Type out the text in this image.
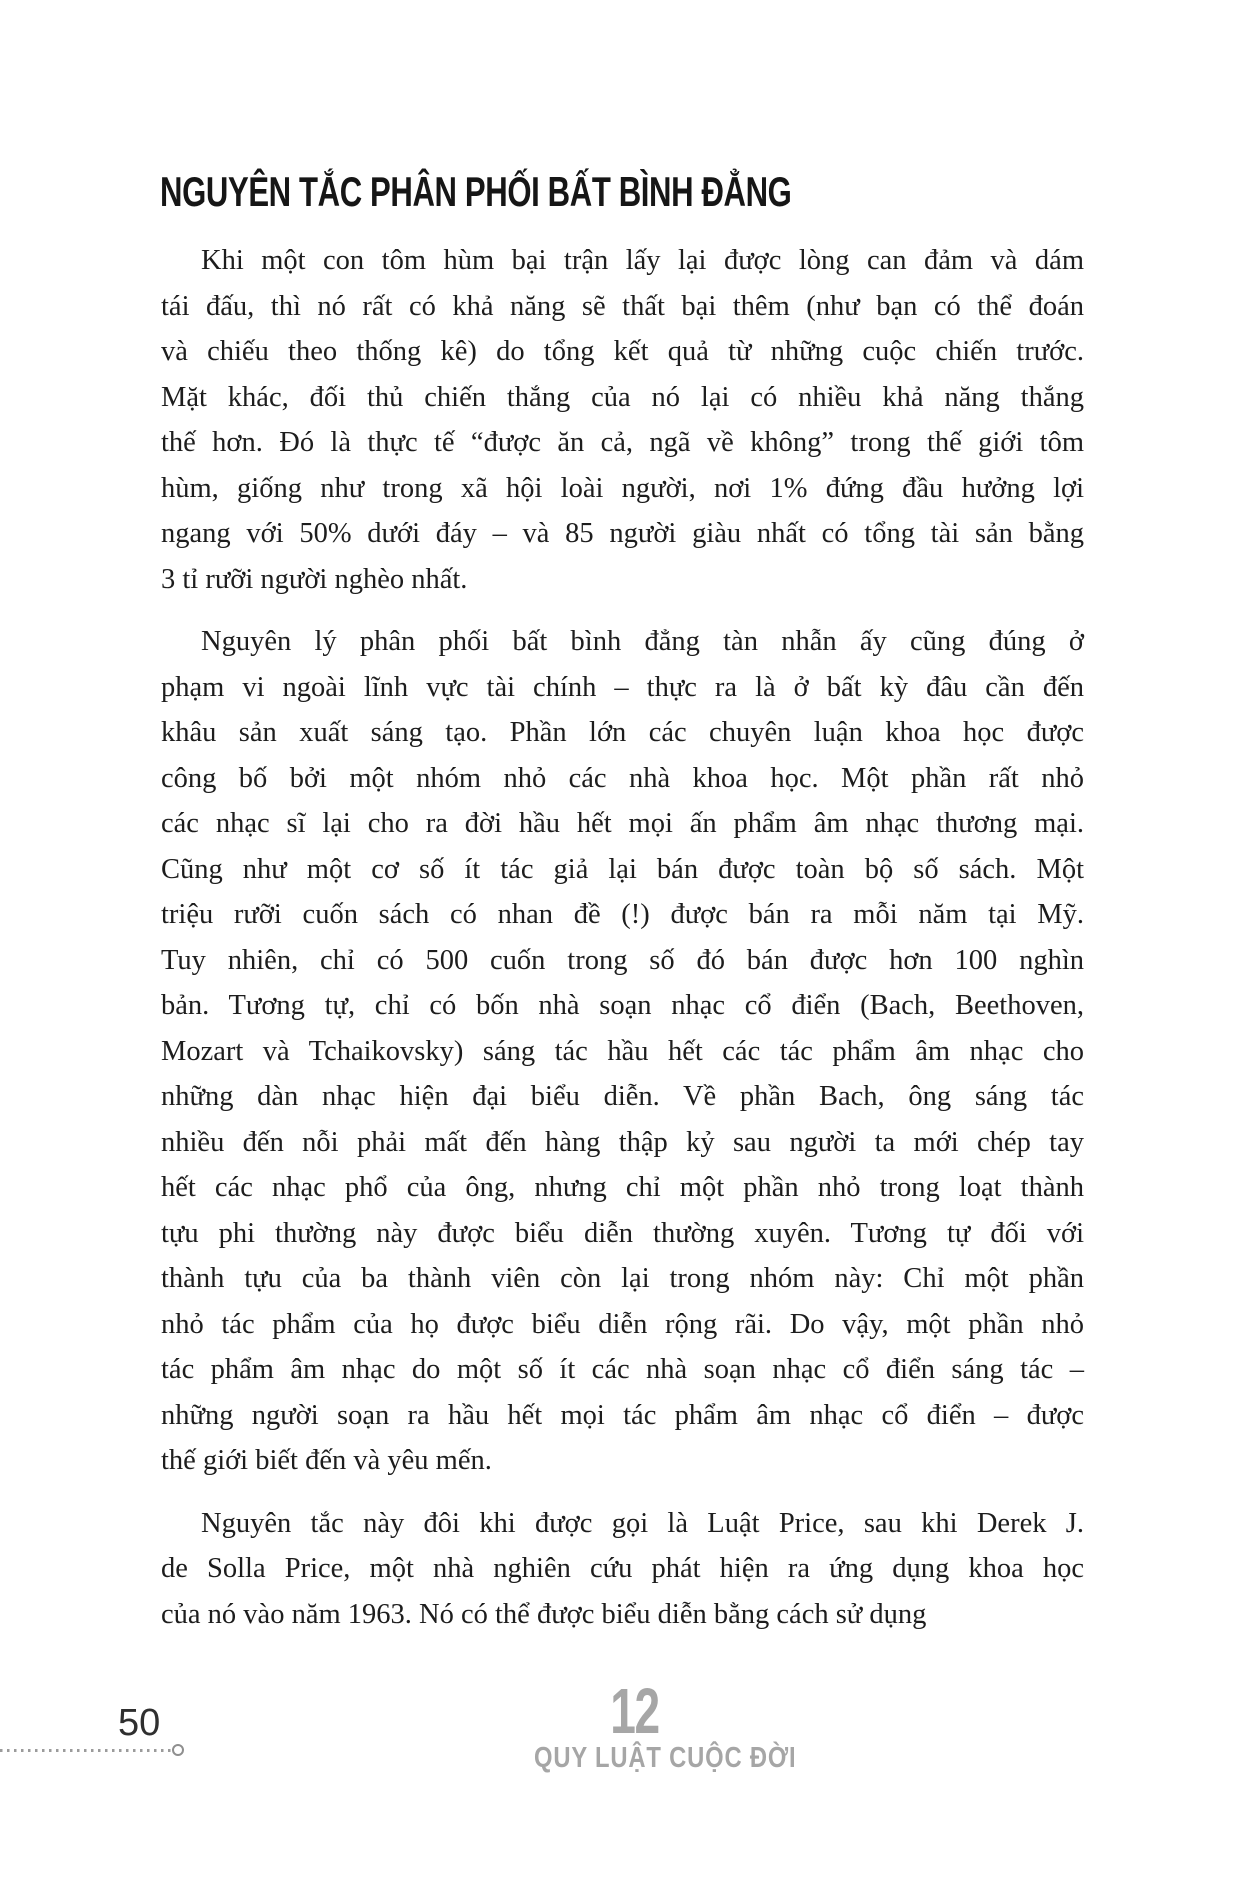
NGUYÊN TẮC PHÂN PHỐI BẤT BÌNH ĐẲNG

Khi một con tôm hùm bại trận lấy lại được lòng can đảm và dám
tái đấu, thì nó rất có khả năng sẽ thất bại thêm (như bạn có thể đoán
và chiếu theo thống kê) do tổng kết quả từ những cuộc chiến trước.
Mặt khác, đối thủ chiến thắng của nó lại có nhiều khả năng thắng
thế hơn. Đó là thực tế “được ăn cả, ngã về không” trong thế giới tôm
hùm, giống như trong xã hội loài người, nơi 1% đứng đầu hưởng lợi
ngang với 50% dưới đáy – và 85 người giàu nhất có tổng tài sản bằng
3 tỉ rưỡi người nghèo nhất.

Nguyên lý phân phối bất bình đẳng tàn nhẫn ấy cũng đúng ở
phạm vi ngoài lĩnh vực tài chính – thực ra là ở bất kỳ đâu cần đến
khâu sản xuất sáng tạo. Phần lớn các chuyên luận khoa học được
công bố bởi một nhóm nhỏ các nhà khoa học. Một phần rất nhỏ
các nhạc sĩ lại cho ra đời hầu hết mọi ấn phẩm âm nhạc thương mại.
Cũng như một cơ số ít tác giả lại bán được toàn bộ số sách. Một
triệu rưỡi cuốn sách có nhan đề (!) được bán ra mỗi năm tại Mỹ.
Tuy nhiên, chỉ có 500 cuốn trong số đó bán được hơn 100 nghìn
bản. Tương tự, chỉ có bốn nhà soạn nhạc cổ điển (Bach, Beethoven,
Mozart và Tchaikovsky) sáng tác hầu hết các tác phẩm âm nhạc cho
những dàn nhạc hiện đại biểu diễn. Về phần Bach, ông sáng tác
nhiều đến nỗi phải mất đến hàng thập kỷ sau người ta mới chép tay
hết các nhạc phổ của ông, nhưng chỉ một phần nhỏ trong loạt thành
tựu phi thường này được biểu diễn thường xuyên. Tương tự đối với
thành tựu của ba thành viên còn lại trong nhóm này: Chỉ một phần
nhỏ tác phẩm của họ được biểu diễn rộng rãi. Do vậy, một phần nhỏ
tác phẩm âm nhạc do một số ít các nhà soạn nhạc cổ điển sáng tác –
những người soạn ra hầu hết mọi tác phẩm âm nhạc cổ điển – được
thế giới biết đến và yêu mến.

Nguyên tắc này đôi khi được gọi là Luật Price, sau khi Derek J.
de Solla Price, một nhà nghiên cứu phát hiện ra ứng dụng khoa học
của nó vào năm 1963. Nó có thể được biểu diễn bằng cách sử dụng

50	12
QUY LUẬT CUỘC ĐỜI
